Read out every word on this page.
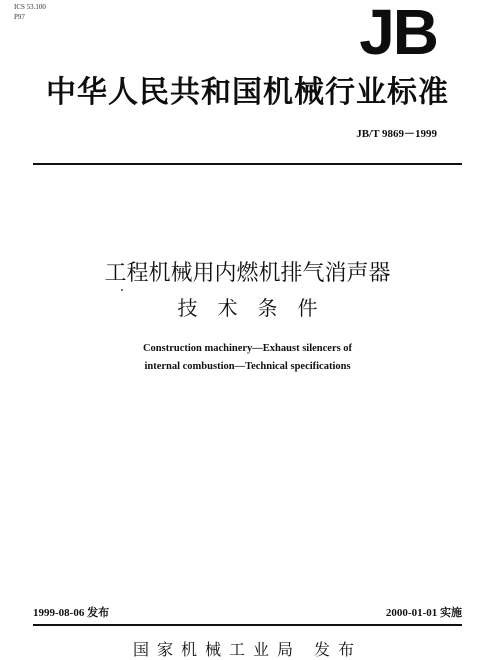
ICS 53.100
P97	JB
中华人民共和国机械行业标准
JB/T 9869－1999
工程机械用内燃机排气消声器
技术条件
Construction machinery—Exhaust silencers of
internal combustion—Technical specifications
1999-08-06 发布	2000-01-01 实施
国家机械工业局 发布
